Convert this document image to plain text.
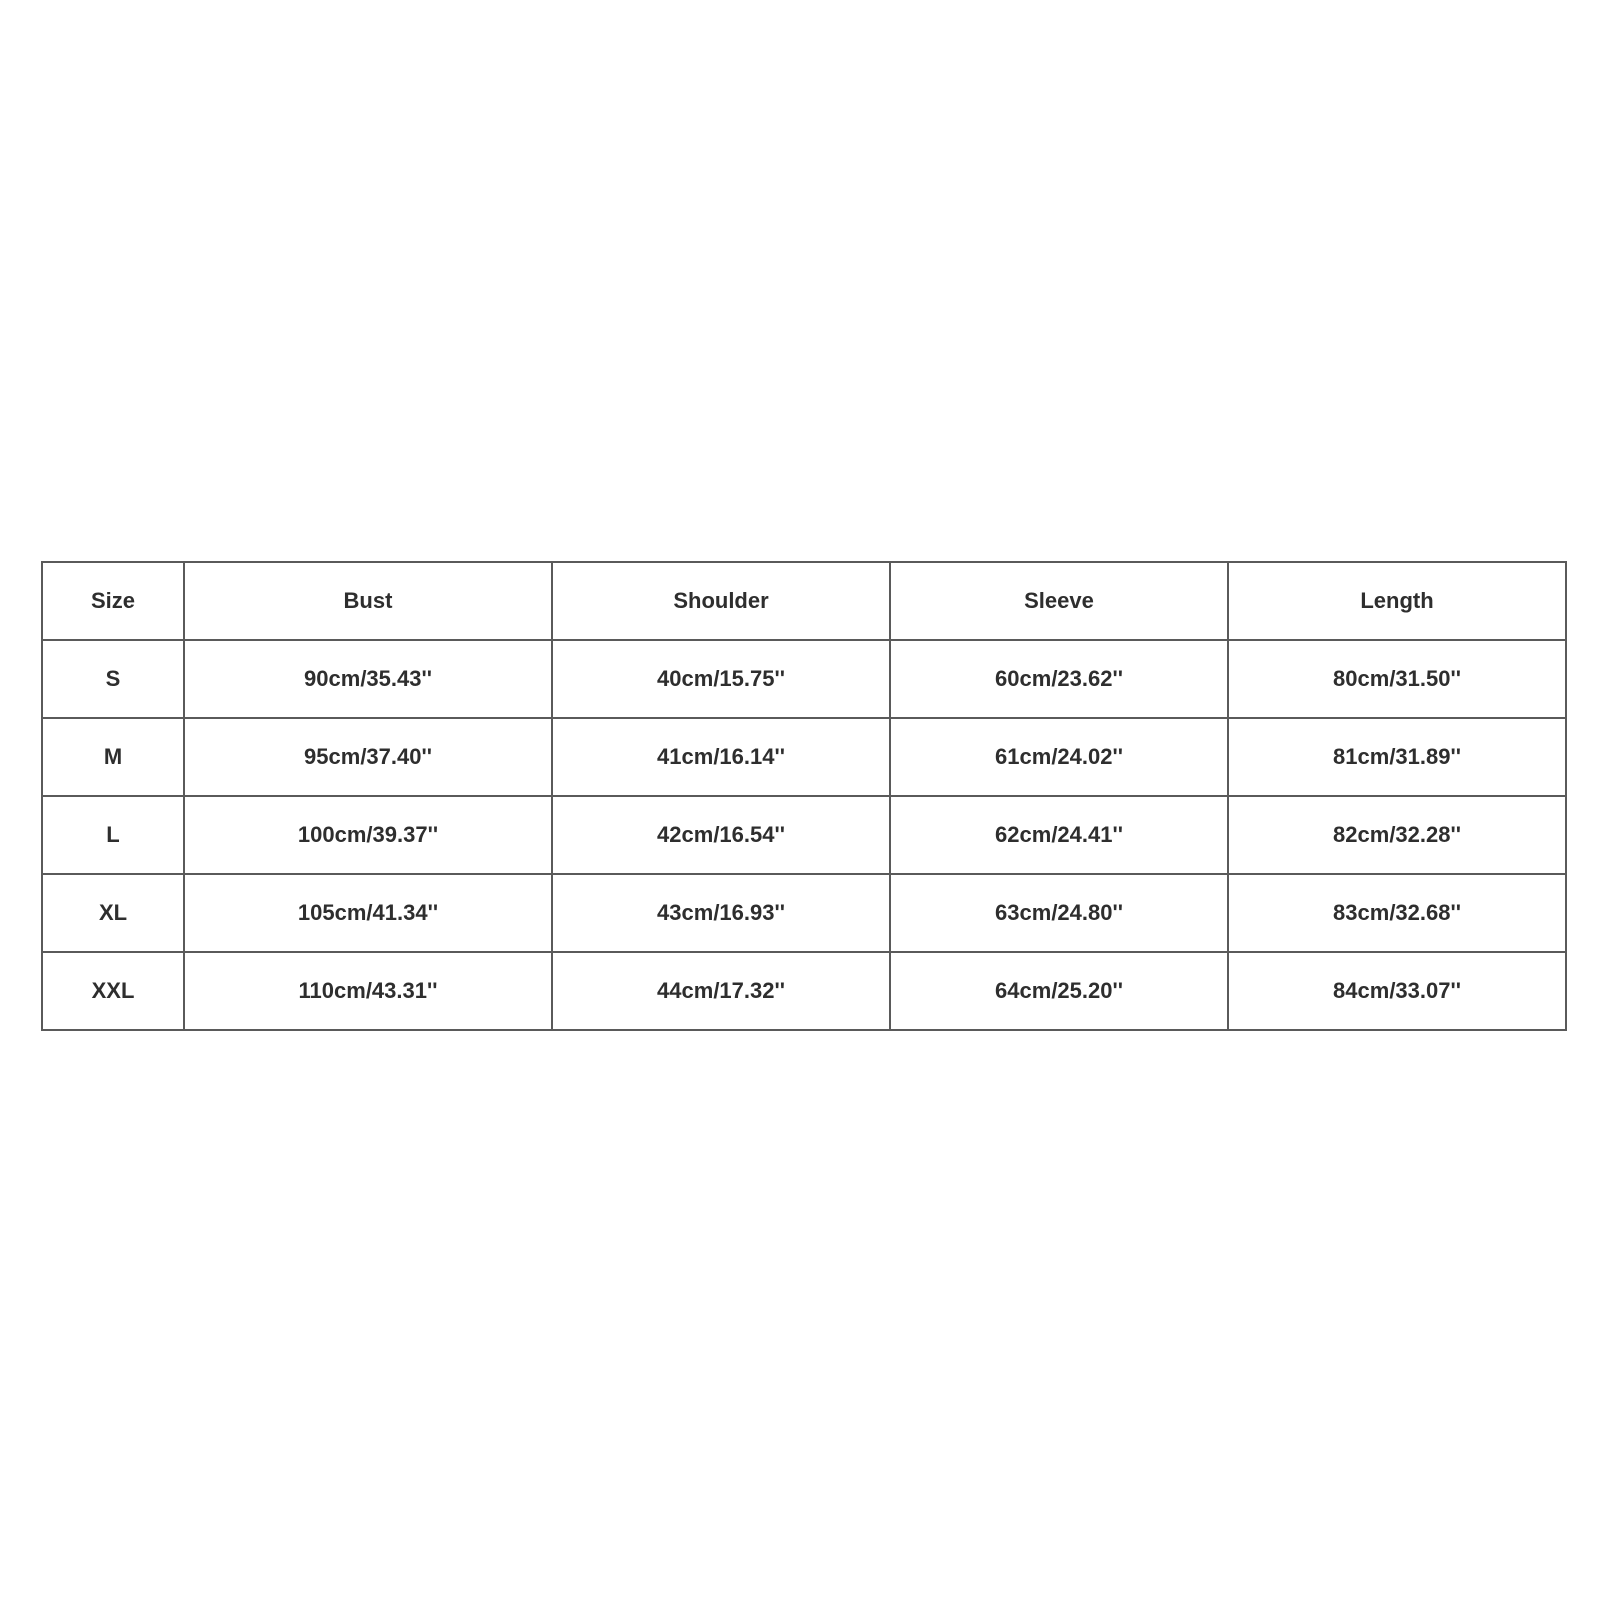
Size	Bust	Shoulder	Sleeve	Length
S	90cm/35.43''	40cm/15.75''	60cm/23.62''	80cm/31.50''
M	95cm/37.40''	41cm/16.14''	61cm/24.02''	81cm/31.89''
L	100cm/39.37''	42cm/16.54''	62cm/24.41''	82cm/32.28''
XL	105cm/41.34''	43cm/16.93''	63cm/24.80''	83cm/32.68''
XXL	110cm/43.31''	44cm/17.32''	64cm/25.20''	84cm/33.07''
